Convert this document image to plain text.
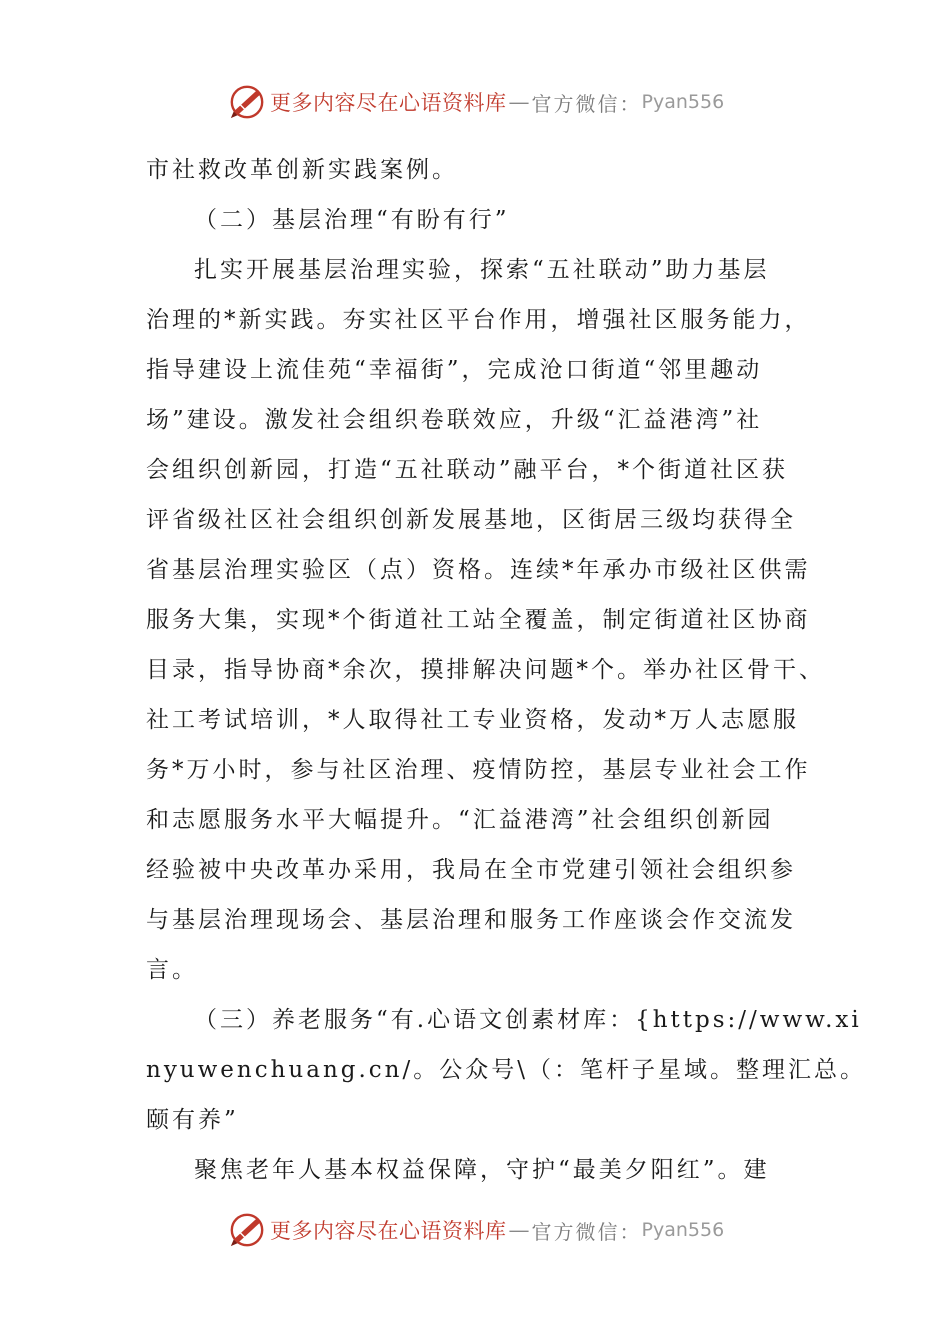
更多内容尽在心语资料库 — 官方微信： Pyan556
市社救改革创新实践案例。
（二）基层治理“有盼有行”
扎实开展基层治理实验，探索“五社联动”助力基层
治理的*新实践。夯实社区平台作用，增强社区服务能力，
指导建设上流佳苑“幸福街”，完成沧口街道“邻里趣动
场”建设。激发社会组织卷联效应，升级“汇益港湾”社
会组织创新园，打造“五社联动”融平台，*个街道社区获
评省级社区社会组织创新发展基地，区街居三级均获得全
省基层治理实验区（点）资格。连续*年承办市级社区供需
服务大集，实现*个街道社工站全覆盖，制定街道社区协商
目录，指导协商*余次，摸排解决问题*个。举办社区骨干、
社工考试培训，*人取得社工专业资格，发动*万人志愿服
务*万小时，参与社区治理、疫情防控，基层专业社会工作
和志愿服务水平大幅提升。“汇益港湾”社会组织创新园
经验被中央改革办采用，我局在全市党建引领社会组织参
与基层治理现场会、基层治理和服务工作座谈会作交流发
言。
（三）养老服务“有.心语文创素材库：{https://www.xi
nyuwenchuang.cn/。公众号\（：笔杆子星域。整理汇总。
颐有养”
聚焦老年人基本权益保障，守护“最美夕阳红”。建
更多内容尽在心语资料库 — 官方微信： Pyan556
